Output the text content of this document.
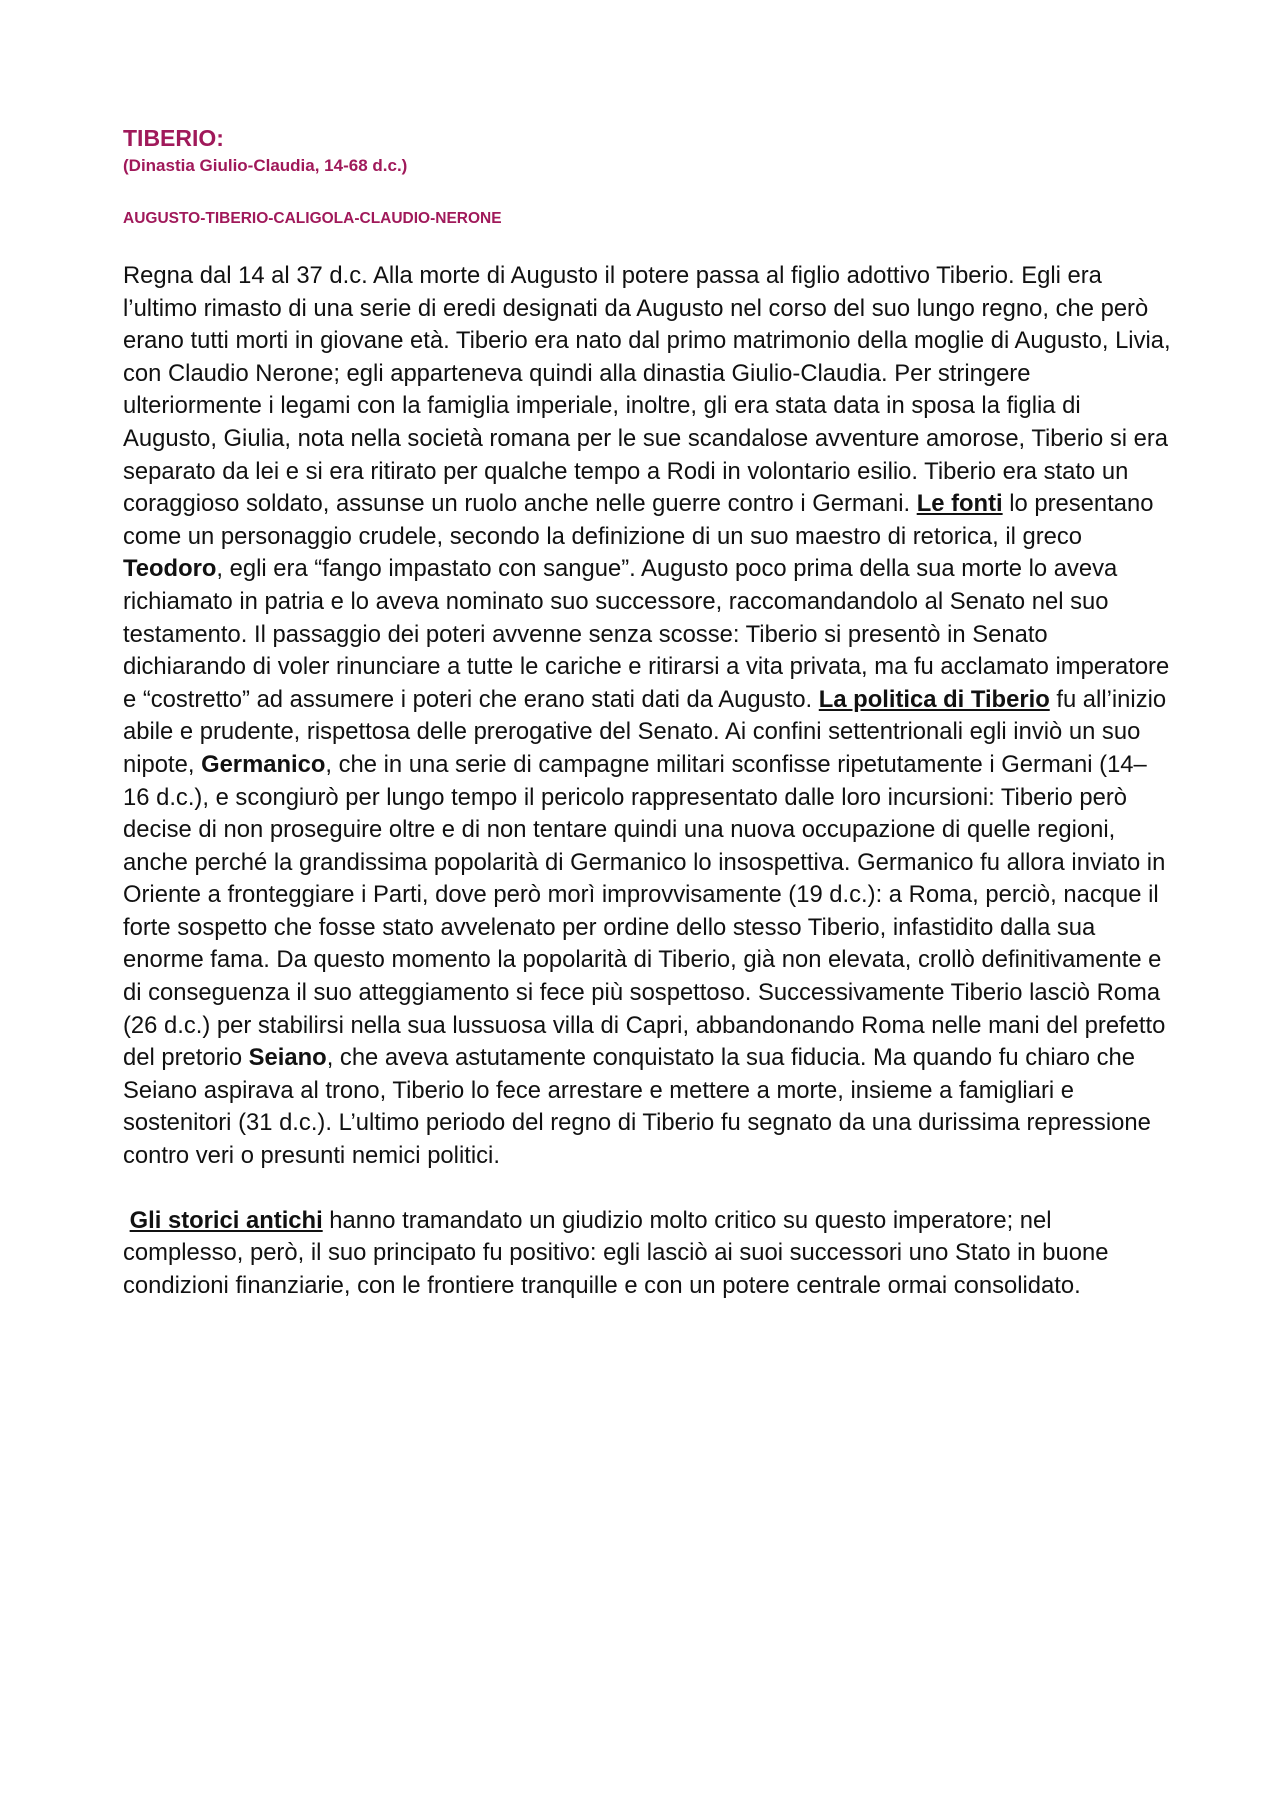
TIBERIO:
(Dinastia Giulio-Claudia, 14-68 d.c.)
AUGUSTO-TIBERIO-CALIGOLA-CLAUDIO-NERONE

Regna dal 14 al 37 d.c. Alla morte di Augusto il potere passa al figlio adottivo Tiberio. Egli era l’ultimo rimasto di una serie di eredi designati da Augusto nel corso del suo lungo regno, che però erano tutti morti in giovane età. Tiberio era nato dal primo matrimonio della moglie di Augusto, Livia, con Claudio Nerone; egli apparteneva quindi alla dinastia Giulio-Claudia. Per stringere ulteriormente i legami con la famiglia imperiale, inoltre, gli era stata data in sposa la figlia di Augusto, Giulia, nota nella società romana per le sue scandalose avventure amorose, Tiberio si era separato da lei e si era ritirato per qualche tempo a Rodi in volontario esilio. Tiberio era stato un coraggioso soldato, assunse un ruolo anche nelle guerre contro i Germani. Le fonti lo presentano come un personaggio crudele, secondo la definizione di un suo maestro di retorica, il greco Teodoro, egli era “fango impastato con sangue”. Augusto poco prima della sua morte lo aveva richiamato in patria e lo aveva nominato suo successore, raccomandandolo al Senato nel suo testamento. Il passaggio dei poteri avvenne senza scosse: Tiberio si presentò in Senato dichiarando di voler rinunciare a tutte le cariche e ritirarsi a vita privata, ma fu acclamato imperatore e “costretto” ad assumere i poteri che erano stati dati da Augusto. La politica di Tiberio fu all’inizio abile e prudente, rispettosa delle prerogative del Senato. Ai confini settentrionali egli inviò un suo nipote, Germanico, che in una serie di campagne militari sconfisse ripetutamente i Germani (14–16 d.c.), e scongiurò per lungo tempo il pericolo rappresentato dalle loro incursioni: Tiberio però decise di non proseguire oltre e di non tentare quindi una nuova occupazione di quelle regioni, anche perché la grandissima popolarità di Germanico lo insospettiva. Germanico fu allora inviato in Oriente a fronteggiare i Parti, dove però morì improvvisamente (19 d.c.): a Roma, perciò, nacque il forte sospetto che fosse stato avvelenato per ordine dello stesso Tiberio, infastidito dalla sua enorme fama. Da questo momento la popolarità di Tiberio, già non elevata, crollò definitivamente e di conseguenza il suo atteggiamento si fece più sospettoso. Successivamente Tiberio lasciò Roma (26 d.c.) per stabilirsi nella sua lussuosa villa di Capri, abbandonando Roma nelle mani del prefetto del pretorio Seiano, che aveva astutamente conquistato la sua fiducia. Ma quando fu chiaro che Seiano aspirava al trono, Tiberio lo fece arrestare e mettere a morte, insieme a famigliari e sostenitori (31 d.c.). L’ultimo periodo del regno di Tiberio fu segnato da una durissima repressione contro veri o presunti nemici politici.

Gli storici antichi hanno tramandato un giudizio molto critico su questo imperatore; nel complesso, però, il suo principato fu positivo: egli lasciò ai suoi successori uno Stato in buone condizioni finanziarie, con le frontiere tranquille e con un potere centrale ormai consolidato.
